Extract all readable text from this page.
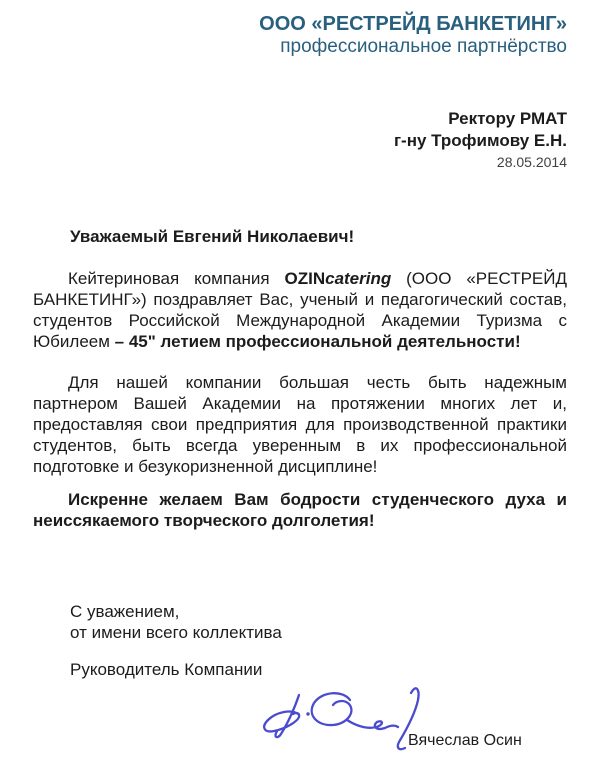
ООО «РЕСТРЕЙД БАНКЕТИНГ»
профессиональное партнёрство
Ректору РМАТ
г-ну Трофимову Е.Н.
28.05.2014

Уважаемый Евгений Николаевич!

Кейтериновая компания OZINcatering (ООО «РЕСТРЕЙД БАНКЕТИНГ») поздравляет Вас, ученый и педагогический состав, студентов Российской Международной Академии Туризма с Юбилеем – 45" летием профессиональной деятельности!

Для нашей компании большая честь быть надежным партнером Вашей Академии на протяжении многих лет и, предоставляя свои предприятия для производственной практики студентов, быть всегда уверенным в их профессиональной подготовке и безукоризненной дисциплине!

Искренне желаем Вам бодрости студенческого духа и неиссякаемого творческого долголетия!

С уважением,
от имени всего коллектива
Руководитель Компании
Вячеслав Осин
